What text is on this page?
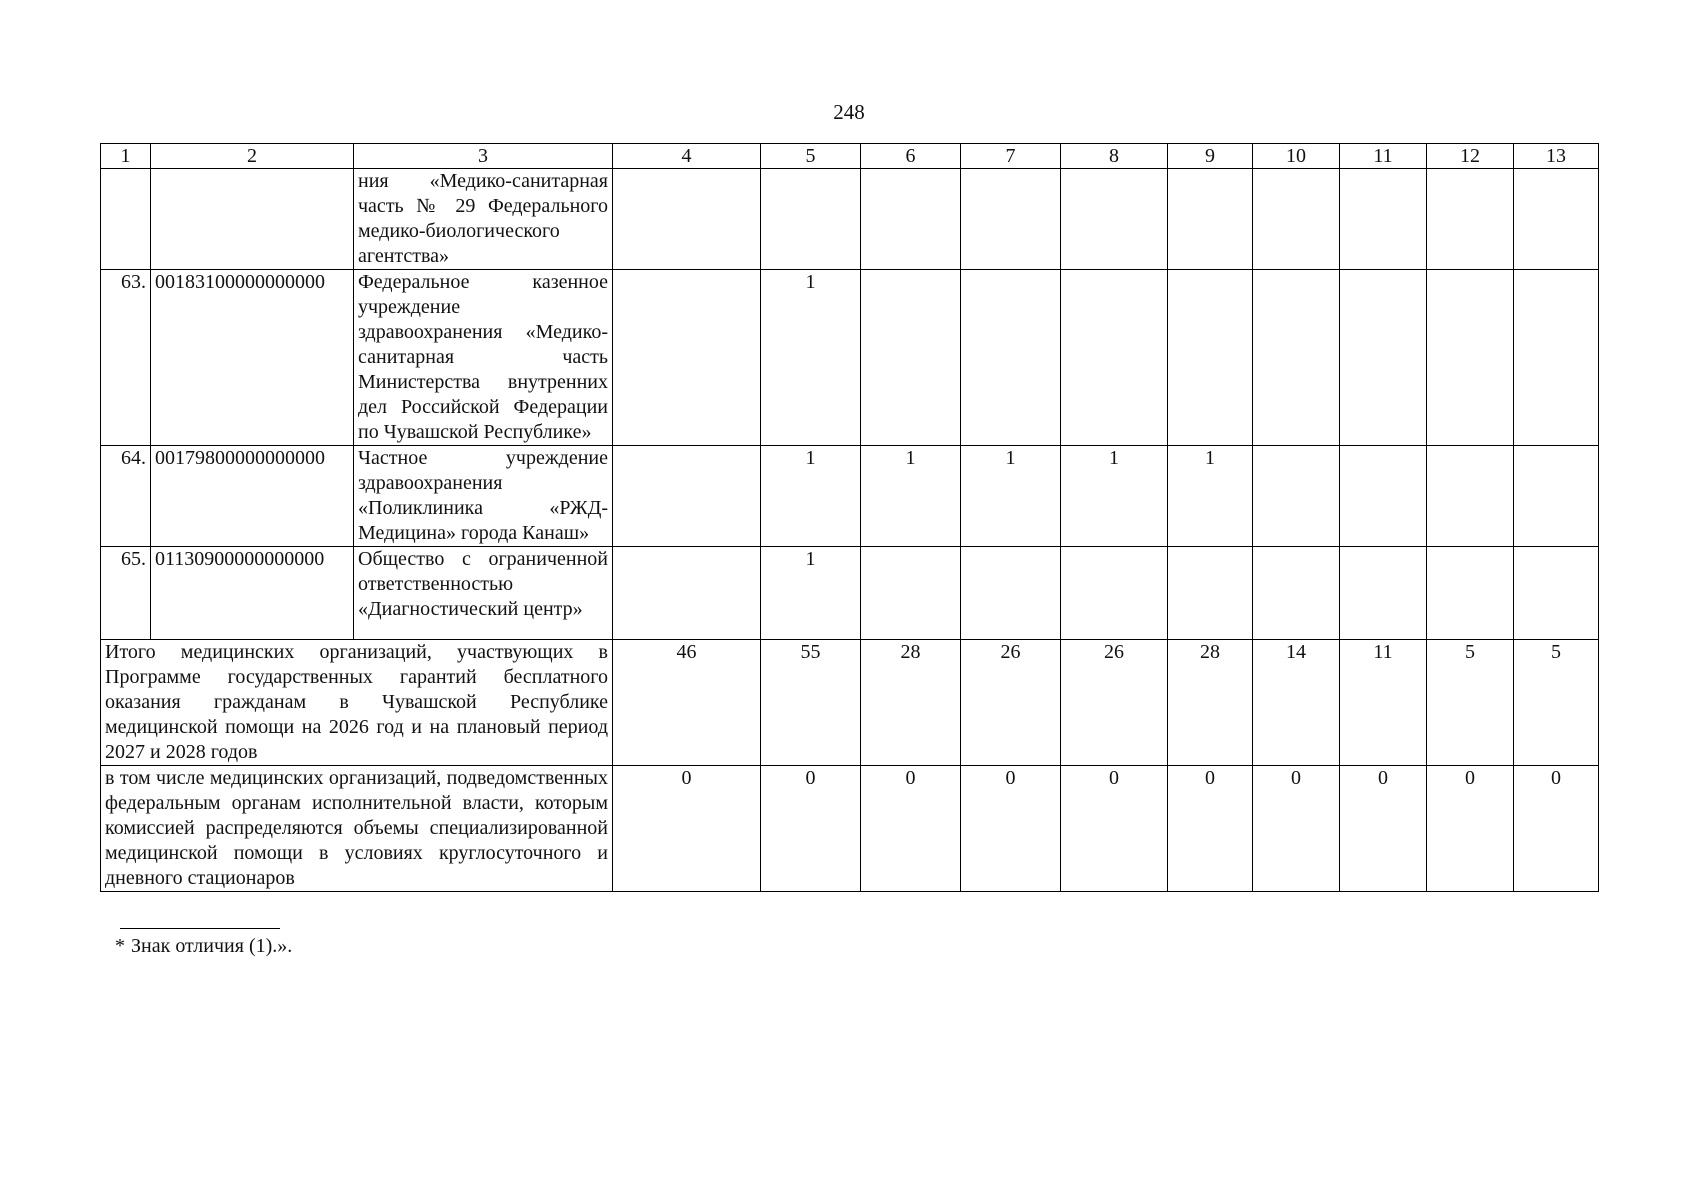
248
1	2	3	4	5	6	7	8	9	10	11	12	13
		ния «Медико-санитарная часть № 29 Федерального медико-биологического агентства»										
63.	00183100000000000	Федеральное казенное учреждение здравоохранения «Медико-санитарная часть Министерства внутренних дел Российской Федерации по Чувашской Республике»		1								
64.	00179800000000000	Частное учреждение здравоохранения «Поликлиника «РЖД-Медицина» города Канаш»		1	1	1	1	1				
65.	01130900000000000	Общество с ограниченной ответственностью «Диагностический центр»		1								
Итого медицинских организаций, участвующих в Программе государственных гарантий бесплатного оказания гражданам в Чувашской Республике медицинской помощи на 2026 год и на плановый период 2027 и 2028 годов			46	55	28	26	26	28	14	11	5	5
в том числе медицинских организаций, подведомственных федеральным органам исполнительной власти, которым комиссией распределяются объемы специализированной медицинской помощи в условиях круглосуточного и дневного стационаров			0	0	0	0	0	0	0	0	0	0
* Знак отличия (1).».
